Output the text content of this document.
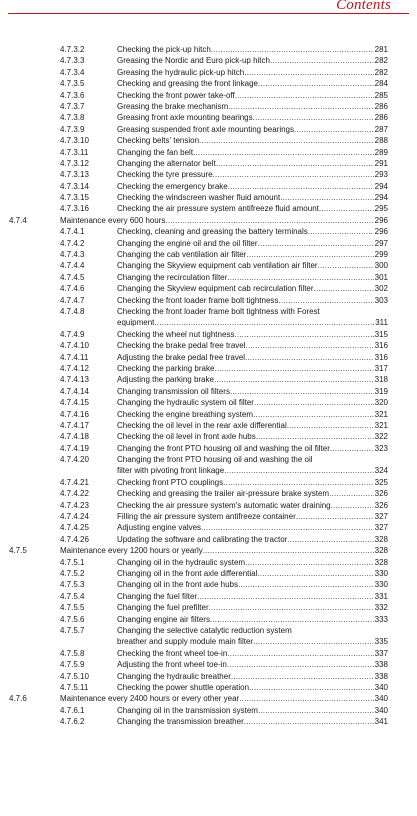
Contents
4.7.3.2	Checking the pick-up hitch .....	281
4.7.3.3	Greasing the Nordic and Euro pick-up hitch .....	282
4.7.3.4	Greasing the hydraulic pick-up hitch .....	282
4.7.3.5	Checking and greasing the front linkage .....	284
4.7.3.6	Checking the front power take-off .....	285
4.7.3.7	Greasing the brake mechanism .....	286
4.7.3.8	Greasing front axle mounting bearings .....	286
4.7.3.9	Greasing suspended front axle mounting bearings .....	287
4.7.3.10	Checking belts' tension .....	288
4.7.3.11	Changing the fan belt .....	289
4.7.3.12	Changing the alternator belt .....	291
4.7.3.13	Checking the tyre pressure .....	293
4.7.3.14	Checking the emergency brake .....	294
4.7.3.15	Checking the windscreen washer fluid amount .....	294
4.7.3.16	Checking the air pressure system antifreeze fluid amount .....	295
4.7.4	Maintenance every 600 hours .....	296
4.7.4.1	Checking, cleaning and greasing the battery terminals .....	296
4.7.4.2	Changing the engine oil and the oil filter .....	297
4.7.4.3	Changing the cab ventilation air filter .....	299
4.7.4.4	Changing the Skyview equipment cab ventilation air filter .....	300
4.7.4.5	Changing the recirculation filter .....	301
4.7.4.6	Changing the Skyview equipment cab recirculation filter .....	302
4.7.4.7	Checking the front loader frame bolt tightness .....	303
4.7.4.8	Checking the front loader frame bolt tightness with Forest
equipment .....	311
4.7.4.9	Checking the wheel nut tightness .....	315
4.7.4.10	Checking the brake pedal free travel .....	316
4.7.4.11	Adjusting the brake pedal free travel .....	316
4.7.4.12	Checking the parking brake .....	317
4.7.4.13	Adjusting the parking brake .....	318
4.7.4.14	Changing transmission oil filters .....	319
4.7.4.15	Changing the hydraulic system oil filter .....	320
4.7.4.16	Checking the engine breathing system .....	321
4.7.4.17	Checking the oil level in the rear axle differential .....	321
4.7.4.18	Checking the oil level in front axle hubs .....	322
4.7.4.19	Changing the front PTO housing oil and washing the oil filter .....	323
4.7.4.20	Changing the front PTO housing oil and washing the oil
filter with pivoting front linkage .....	324
4.7.4.21	Checking front PTO couplings .....	325
4.7.4.22	Checking and greasing the trailer air-pressure brake system .....	326
4.7.4.23	Checking the air pressure system's automatic water draining .....	326
4.7.4.24	Filling the air pressure system antifreeze container .....	327
4.7.4.25	Adjusting engine valves .....	327
4.7.4.26	Updating the software and calibrating the tractor .....	328
4.7.5	Maintenance every 1200 hours or yearly .....	328
4.7.5.1	Changing oil in the hydraulic system .....	328
4.7.5.2	Changing oil in the front axle differential .....	330
4.7.5.3	Changing oil in the front axle hubs .....	330
4.7.5.4	Changing the fuel filter .....	331
4.7.5.5	Changing the fuel prefilter .....	332
4.7.5.6	Changing engine air filters .....	333
4.7.5.7	Changing the selective catalytic reduction system
breather and supply module main filter .....	335
4.7.5.8	Checking the front wheel toe-in .....	337
4.7.5.9	Adjusting the front wheel toe-in .....	338
4.7.5.10	Changing the hydraulic breather .....	338
4.7.5.11	Checking the power shuttle operation .....	340
4.7.6	Maintenance every 2400 hours or every other year .....	340
4.7.6.1	Changing oil in the transmission system .....	340
4.7.6.2	Changing the transmission breather .....	341
